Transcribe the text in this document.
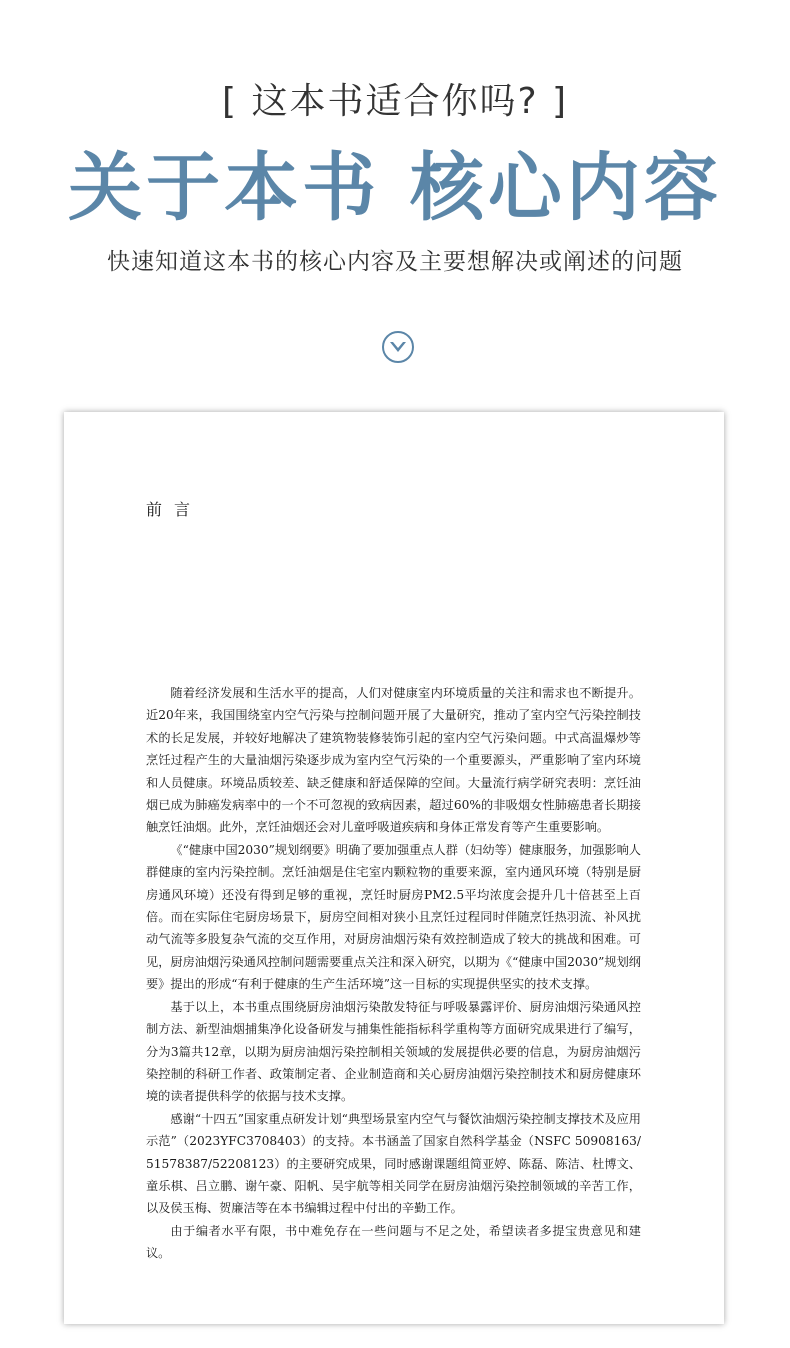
[ 这本书适合你吗? ]
关于本书 核心内容
快速知道这本书的核心内容及主要想解决或阐述的问题
前言

随着经济发展和生活水平的提高，人们对健康室内环境质量的关注和需求也不断提升。近20年来，我国围绕室内空气污染与控制问题开展了大量研究，推动了室内空气污染控制技术的长足发展，并较好地解决了建筑物装修装饰引起的室内空气污染问题。中式高温爆炒等烹饪过程产生的大量油烟污染逐步成为室内空气污染的一个重要源头，严重影响了室内环境和人员健康。环境品质较差、缺乏健康和舒适保障的空间。大量流行病学研究表明：烹饪油烟已成为肺癌发病率中的一个不可忽视的致病因素，超过60%的非吸烟女性肺癌患者长期接触烹饪油烟。此外，烹饪油烟还会对儿童呼吸道疾病和身体正常发育等产生重要影响。

《“健康中国2030”规划纲要》明确了要加强重点人群（妇幼等）健康服务，加强影响人群健康的室内污染控制。烹饪油烟是住宅室内颗粒物的重要来源，室内通风环境（特别是厨房通风环境）还没有得到足够的重视，烹饪时厨房PM2.5平均浓度会提升几十倍甚至上百倍。而在实际住宅厨房场景下，厨房空间相对狭小且烹饪过程同时伴随烹饪热羽流、补风扰动气流等多股复杂气流的交互作用，对厨房油烟污染有效控制造成了较大的挑战和困难。可见，厨房油烟污染通风控制问题需要重点关注和深入研究，以期为《“健康中国2030”规划纲要》提出的形成“有利于健康的生产生活环境”这一目标的实现提供坚实的技术支撑。

基于以上，本书重点围绕厨房油烟污染散发特征与呼吸暴露评价、厨房油烟污染通风控制方法、新型油烟捕集净化设备研发与捕集性能指标科学重构等方面研究成果进行了编写，分为3篇共12章，以期为厨房油烟污染控制相关领域的发展提供必要的信息，为厨房油烟污染控制的科研工作者、政策制定者、企业制造商和关心厨房油烟污染控制技术和厨房健康环境的读者提供科学的依据与技术支撑。

感谢“十四五”国家重点研发计划“典型场景室内空气与餐饮油烟污染控制支撑技术及应用示范”（2023YFC3708403）的支持。本书涵盖了国家自然科学基金（NSFC 50908163/51578387/52208123）的主要研究成果，同时感谢课题组简亚婷、陈磊、陈洁、杜博文、童乐棋、吕立鹏、谢午豪、阳帆、吴宇航等相关同学在厨房油烟污染控制领域的辛苦工作，以及侯玉梅、贺廉洁等在本书编辑过程中付出的辛勤工作。

由于编者水平有限，书中难免存在一些问题与不足之处，希望读者多提宝贵意见和建议。
